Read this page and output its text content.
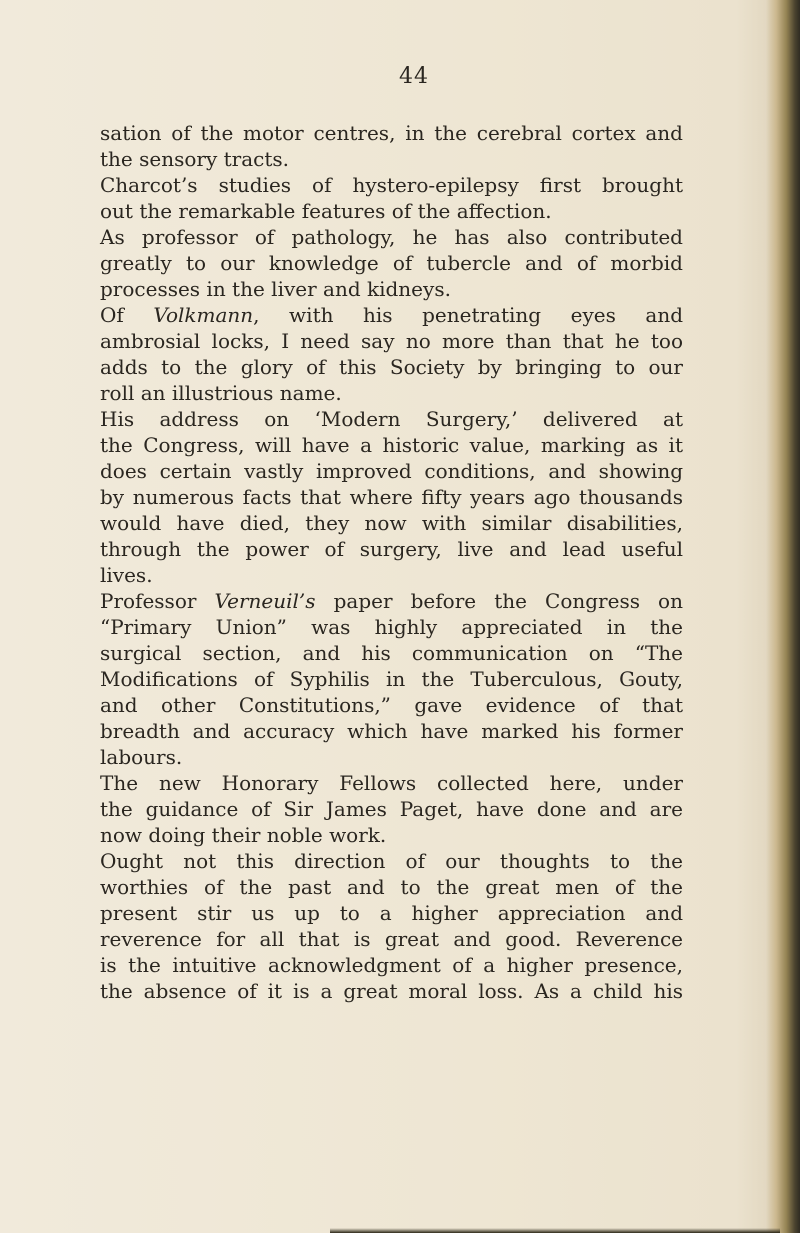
44
sation of the motor centres, in the cerebral cortex and
the sensory tracts.
Charcot’s studies of hystero-epilepsy first brought
out the remarkable features of the affection.
As professor of pathology, he has also contributed
greatly to our knowledge of tubercle and of morbid
processes in the liver and kidneys.
Of Volkmann, with his penetrating eyes and
ambrosial locks, I need say no more than that he too
adds to the glory of this Society by bringing to our
roll an illustrious name.
His address on ‘Modern Surgery,’ delivered at
the Congress, will have a historic value, marking as it
does certain vastly improved conditions, and showing
by numerous facts that where fifty years ago thousands
would have died, they now with similar disabilities,
through the power of surgery, live and lead useful
lives.
Professor Verneuil’s paper before the Congress on
“Primary Union” was highly appreciated in the
surgical section, and his communication on “The
Modifications of Syphilis in the Tuberculous, Gouty,
and other Constitutions,” gave evidence of that
breadth and accuracy which have marked his former
labours.
The new Honorary Fellows collected here, under
the guidance of Sir James Paget, have done and are
now doing their noble work.
Ought not this direction of our thoughts to the
worthies of the past and to the great men of the
present stir us up to a higher appreciation and
reverence for all that is great and good. Reverence
is the intuitive acknowledgment of a higher presence,
the absence of it is a great moral loss. As a child his
